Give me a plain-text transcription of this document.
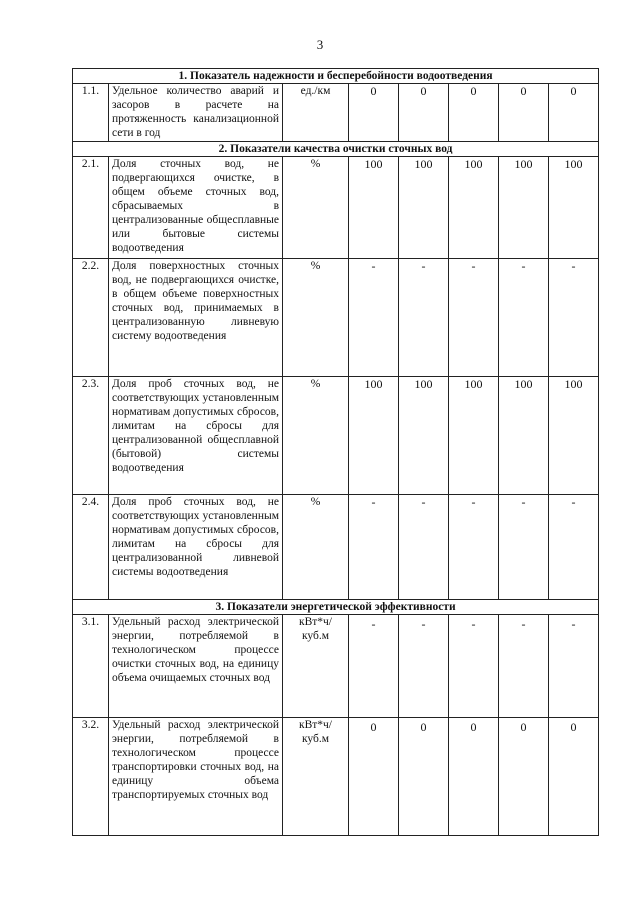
3
1. Показатель надежности и бесперебойности водоотведения							
1.1.	Удельное количество аварий и засоров в расчете на протяженность канализационной сети в год	ед./км	0	0	0	0	0
2. Показатели качества очистки сточных вод							
2.1.	Доля сточных вод, не подвергающихся очистке, в общем объеме сточных вод, сбрасываемых в централизованные общесплавные или бытовые системы водоотведения	%	100	100	100	100	100
2.2.	Доля поверхностных сточных вод, не подвергающихся очистке, в общем объеме поверхностных сточных вод, принимаемых в централизованную ливневую систему водоотведения	%	-	-	-	-	-
2.3.	Доля проб сточных вод, не соответствующих установленным нормативам допустимых сбросов, лимитам на сбросы для централизованной общесплавной (бытовой) системы водоотведения	%	100	100	100	100	100
2.4.	Доля проб сточных вод, не соответствующих установленным нормативам допустимых сбросов, лимитам на сбросы для централизованной ливневой системы водоотведения	%	-	-	-	-	-
3. Показатели энергетической эффективности							
3.1.	Удельный расход электрической энергии, потребляемой в технологическом процессе очистки сточных вод, на единицу объема очищаемых сточных вод	кВт*ч/ куб.м	-	-	-	-	-
3.2.	Удельный расход электрической энергии, потребляемой в технологическом процессе транспортировки сточных вод, на единицу объема транспортируемых сточных вод	кВт*ч/ куб.м	0	0	0	0	0
